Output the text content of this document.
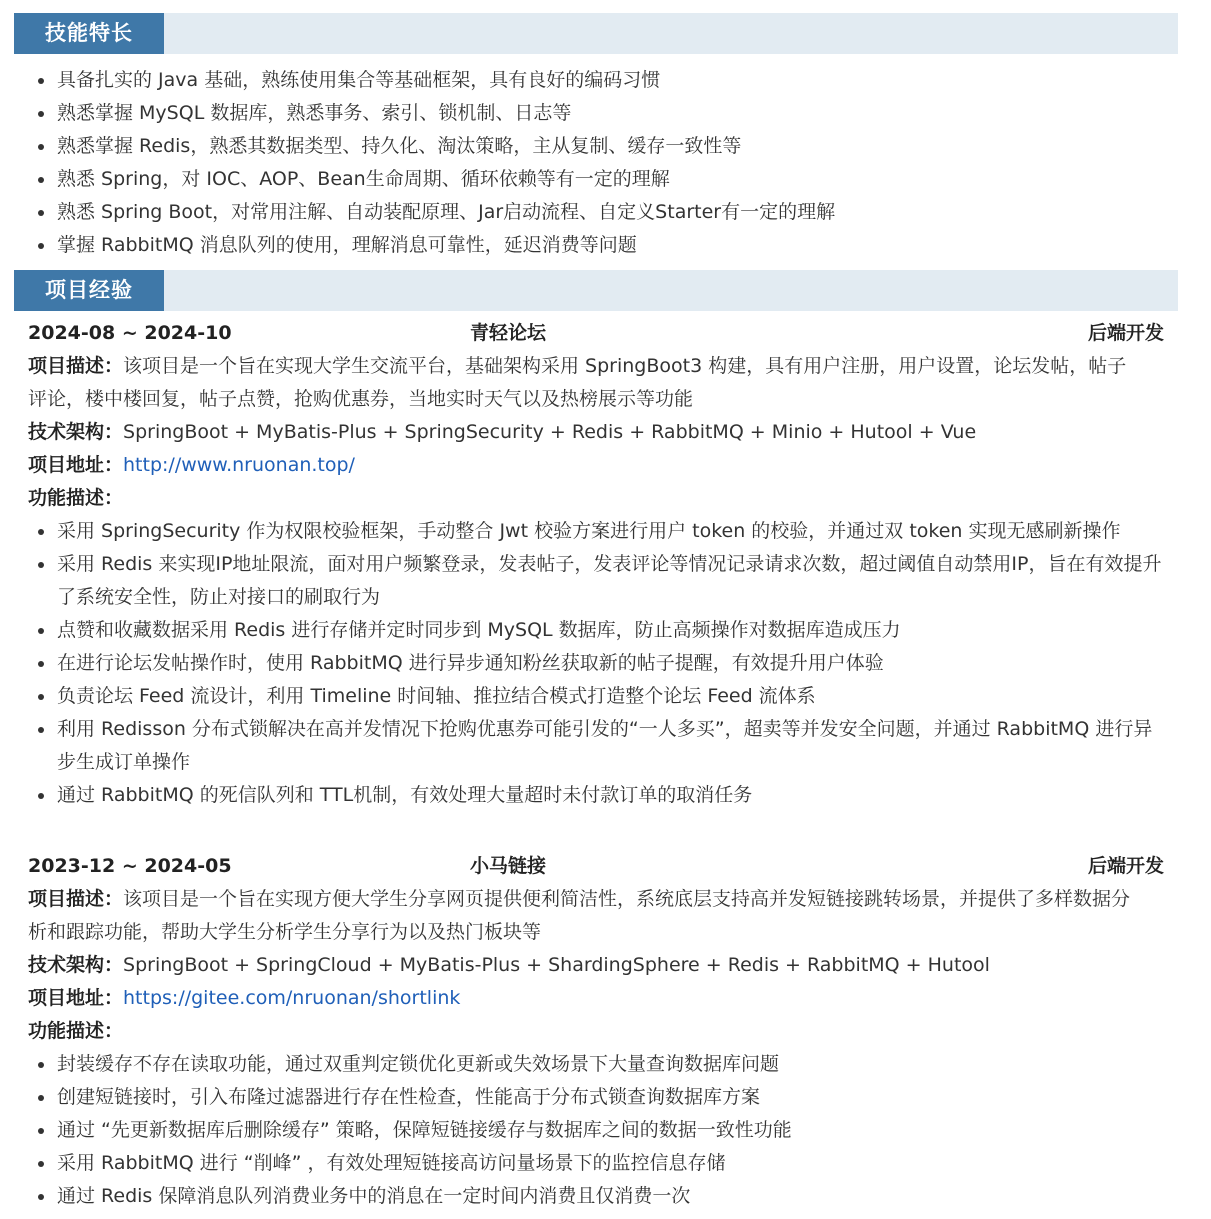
技能特长
具备扎实的 Java 基础，熟练使用集合等基础框架，具有良好的编码习惯
熟悉掌握 MySQL 数据库，熟悉事务、索引、锁机制、日志等
熟悉掌握 Redis，熟悉其数据类型、持久化、淘汰策略，主从复制、缓存一致性等
熟悉 Spring，对 IOC、AOP、Bean生命周期、循环依赖等有一定的理解
熟悉 Spring Boot，对常用注解、自动装配原理、Jar启动流程、自定义Starter有一定的理解
掌握 RabbitMQ 消息队列的使用，理解消息可靠性，延迟消费等问题
项目经验
2024-08 ~ 2024-10	青轻论坛	后端开发

项目描述：该项目是一个旨在实现大学生交流平台，基础架构采用 SpringBoot3 构建，具有用户注册，用户设置，论坛发帖，帖子

评论，楼中楼回复，帖子点赞，抢购优惠券，当地实时天气以及热榜展示等功能

技术架构：SpringBoot + MyBatis-Plus + SpringSecurity + Redis + RabbitMQ + Minio + Hutool + Vue

项目地址：http://www.nruonan.top/

功能描述：

采用 SpringSecurity 作为权限校验框架，手动整合 Jwt 校验方案进行用户 token 的校验，并通过双 token 实现无感刷新操作
采用 Redis 来实现IP地址限流，面对用户频繁登录，发表帖子，发表评论等情况记录请求次数，超过阈值自动禁用IP，旨在有效提升了系统安全性，防止对接口的刷取行为
点赞和收藏数据采用 Redis 进行存储并定时同步到 MySQL 数据库，防止高频操作对数据库造成压力
在进行论坛发帖操作时，使用 RabbitMQ 进行异步通知粉丝获取新的帖子提醒，有效提升用户体验
负责论坛 Feed 流设计，利用 Timeline 时间轴、推拉结合模式打造整个论坛 Feed 流体系
利用 Redisson 分布式锁解决在高并发情况下抢购优惠券可能引发的“一人多买”，超卖等并发安全问题，并通过 RabbitMQ 进行异步生成订单操作
通过 RabbitMQ 的死信队列和 TTL机制，有效处理大量超时未付款订单的取消任务
2023-12 ~ 2024-05	小马链接	后端开发

项目描述：该项目是一个旨在实现方便大学生分享网页提供便利简洁性，系统底层支持高并发短链接跳转场景，并提供了多样数据分

析和跟踪功能，帮助大学生分析学生分享行为以及热门板块等

技术架构：SpringBoot + SpringCloud + MyBatis-Plus + ShardingSphere + Redis + RabbitMQ + Hutool

项目地址：https://gitee.com/nruonan/shortlink

功能描述：

封装缓存不存在读取功能，通过双重判定锁优化更新或失效场景下大量查询数据库问题
创建短链接时，引入布隆过滤器进行存在性检查，性能高于分布式锁查询数据库方案
通过 “先更新数据库后删除缓存” 策略，保障短链接缓存与数据库之间的数据一致性功能
采用 RabbitMQ 进行 “削峰” ，有效处理短链接高访问量场景下的监控信息存储
通过 Redis 保障消息队列消费业务中的消息在一定时间内消费且仅消费一次
